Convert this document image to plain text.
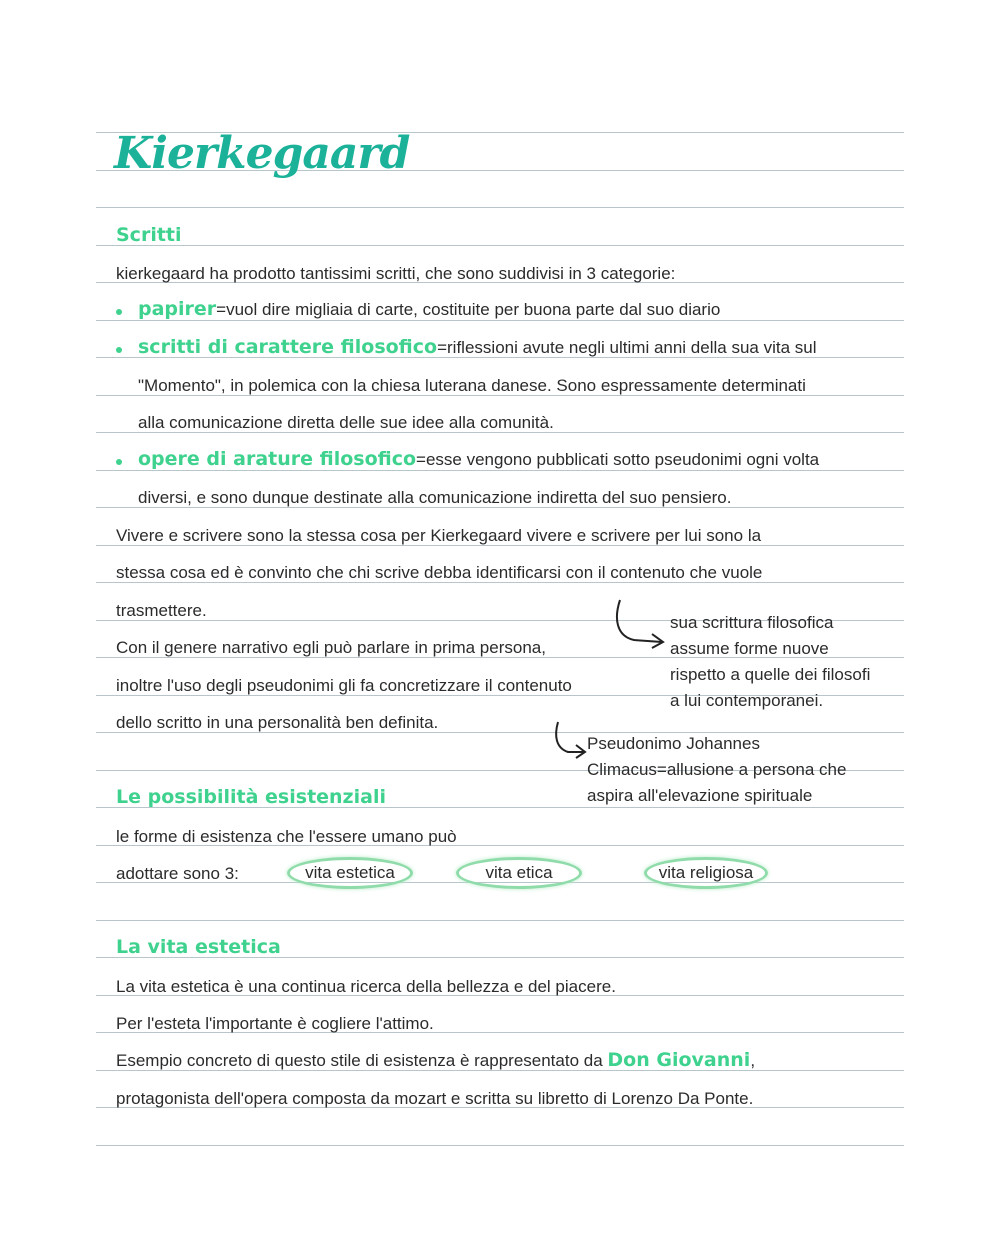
Kierkegaard
Scritti
kierkegaard ha prodotto tantissimi scritti, che sono suddivisi in 3 categorie:
papirer=vuol dire migliaia di carte, costituite per buona parte dal suo diario
scritti di carattere filosofico=riflessioni avute negli ultimi anni della sua vita sul
"Momento", in polemica con la chiesa luterana danese. Sono espressamente determinati
alla comunicazione diretta delle sue idee alla comunità.
opere di arature filosofico=esse vengono pubblicati sotto pseudonimi ogni volta
diversi, e sono dunque destinate alla comunicazione indiretta del suo pensiero.
Vivere e scrivere sono la stessa cosa per Kierkegaard vivere e scrivere per lui sono la
stessa cosa ed è convinto che chi scrive debba identificarsi con il contenuto che vuole
trasmettere.
Con il genere narrativo egli può parlare in prima persona,
inoltre l'uso degli pseudonimi gli fa concretizzare il contenuto
dello scritto in una personalità ben definita.
sua scrittura filosofica
assume forme nuove
rispetto a quelle dei filosofi
a lui contemporanei.
Pseudonimo Johannes
Climacus=allusione a persona che
aspira all'elevazione spirituale
Le possibilità esistenziali
le forme di esistenza che l'essere umano può
adottare sono 3:	vita estetica	vita etica	vita religiosa
La vita estetica
La vita estetica è una continua ricerca della bellezza e del piacere.
Per l'esteta l'importante è cogliere l'attimo.
Esempio concreto di questo stile di esistenza è rappresentato da Don Giovanni,
protagonista dell'opera composta da mozart e scritta su libretto di Lorenzo Da Ponte.
